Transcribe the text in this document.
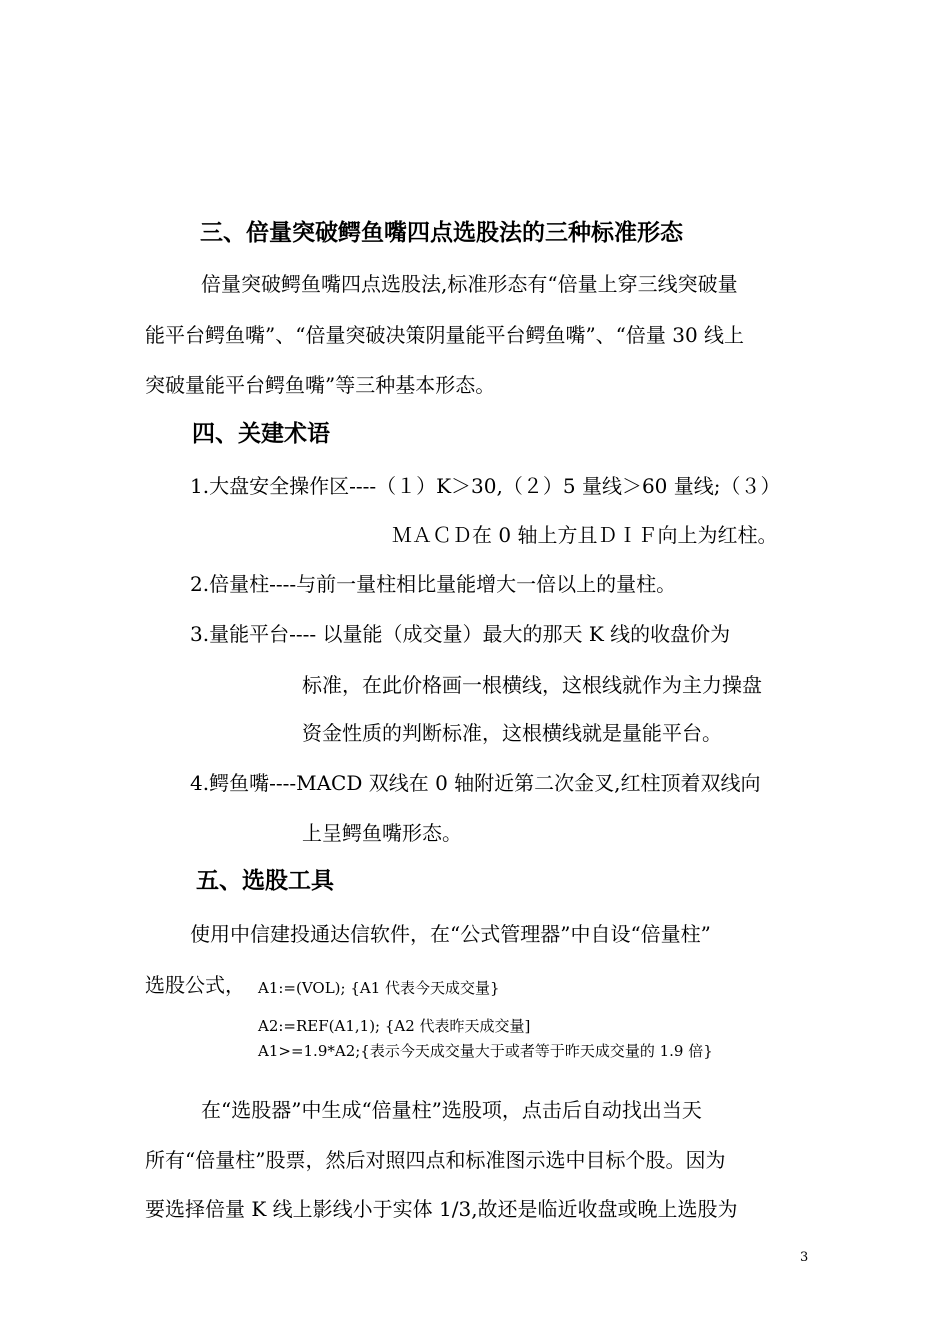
三、倍量突破鳄鱼嘴四点选股法的三种标准形态
倍量突破鳄鱼嘴四点选股法,标准形态有“倍量上穿三线突破量
能平台鳄鱼嘴”、“倍量突破决策阴量能平台鳄鱼嘴”、“倍量 30 线上
突破量能平台鳄鱼嘴”等三种基本形态。
四、关建术语
1.大盘安全操作区----（１）K＞30,（２）5 量线＞60 量线;（３）
ＭＡＣＤ在 0 轴上方且ＤＩＦ向上为红柱。
2.倍量柱----与前一量柱相比量能增大一倍以上的量柱。
3.量能平台---- 以量能（成交量）最大的那天 K 线的收盘价为
标准，在此价格画一根横线，这根线就作为主力操盘
资金性质的判断标准，这根横线就是量能平台。
4.鳄鱼嘴----MACD 双线在 0 轴附近第二次金叉,红柱顶着双线向
上呈鳄鱼嘴形态。
五、选股工具
使用中信建投通达信软件，在“公式管理器”中自设“倍量柱”
选股公式， A1:=(VOL); {A1 代表今天成交量}
A2:=REF(A1,1); {A2 代表昨天成交量]
A1>=1.9*A2;{表示今天成交量大于或者等于昨天成交量的 1.9 倍}
在“选股器”中生成“倍量柱”选股项，点击后自动找出当天
所有“倍量柱”股票，然后对照四点和标准图示选中目标个股。因为
要选择倍量 K 线上影线小于实体 1/3,故还是临近收盘或晚上选股为
3
